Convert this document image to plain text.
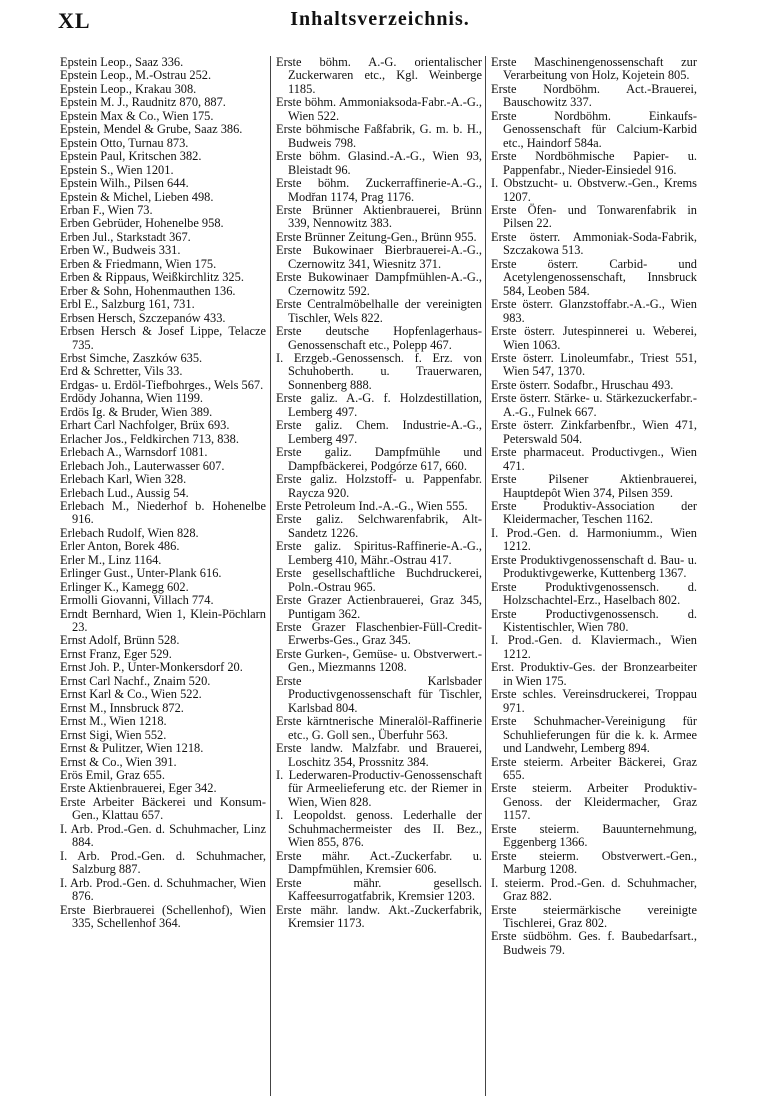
XL	Inhaltsverzeichnis.
Epstein Leop., Saaz 336.
Epstein Leop., M.-Ostrau 252.
Epstein Leop., Krakau 308.
Epstein M. J., Raudnitz 870, 887.
Epstein Max & Co., Wien 175.
Epstein, Mendel & Grube, Saaz 386.
Epstein Otto, Turnau 873.
Epstein Paul, Kritschen 382.
Epstein S., Wien 1201.
Epstein Wilh., Pilsen 644.
Epstein & Michel, Lieben 498.
Erban F., Wien 73.
Erben Gebrüder, Hohenelbe 958.
Erben Jul., Starkstadt 367.
Erben W., Budweis 331.
Erben & Friedmann, Wien 175.
Erben & Rippaus, Weißkirchlitz 325.
Erber & Sohn, Hohenmauthen 136.
Erbl E., Salzburg 161, 731.
Erbsen Hersch, Szczepanów 433.
Erbsen Hersch & Josef Lippe, Telacze 735.
Erbst Simche, Zaszków 635.
Erd & Schretter, Vils 33.
Erdgas- u. Erdöl-Tiefbohrges., Wels 567.
Erdödy Johanna, Wien 1199.
Erdös Ig. & Bruder, Wien 389.
Erhart Carl Nachfolger, Brüx 693.
Erlacher Jos., Feldkirchen 713, 838.
Erlebach A., Warnsdorf 1081.
Erlebach Joh., Lauterwasser 607.
Erlebach Karl, Wien 328.
Erlebach Lud., Aussig 54.
Erlebach M., Niederhof b. Hohenelbe 916.
Erlebach Rudolf, Wien 828.
Erler Anton, Borek 486.
Erler M., Linz 1164.
Erlinger Gust., Unter-Plank 616.
Erlinger K., Kamegg 602.
Ermolli Giovanni, Villach 774.
Erndt Bernhard, Wien 1, Klein-Pöchlarn 23.
Ernst Adolf, Brünn 528.
Ernst Franz, Eger 529.
Ernst Joh. P., Unter-Monkersdorf 20.
Ernst Carl Nachf., Znaim 520.
Ernst Karl & Co., Wien 522.
Ernst M., Innsbruck 872.
Ernst M., Wien 1218.
Ernst Sigi, Wien 552.
Ernst & Pulitzer, Wien 1218.
Ernst & Co., Wien 391.
Erös Emil, Graz 655.
Erste Aktienbrauerei, Eger 342.
Erste Arbeiter Bäckerei und Konsum-Gen., Klattau 657.
I. Arb. Prod.-Gen. d. Schuhmacher, Linz 884.
I. Arb. Prod.-Gen. d. Schuhmacher, Salzburg 887.
I. Arb. Prod.-Gen. d. Schuhmacher, Wien 876.
Erste Bierbrauerei (Schellenhof), Wien 335, Schellenhof 364.
Erste böhm. A.-G. orientalischer Zuckerwaren etc., Kgl. Weinberge 1185.
Erste böhm. Ammoniaksoda-Fabr.-A.-G., Wien 522.
Erste böhmische Faßfabrik, G. m. b. H., Budweis 798.
Erste böhm. Glasind.-A.-G., Wien 93, Bleistadt 96.
Erste böhm. Zuckerraffinerie-A.-G., Modřan 1174, Prag 1176.
Erste Brünner Aktienbrauerei, Brünn 339, Nennowitz 383.
Erste Brünner Zeitung-Gen., Brünn 955.
Erste Bukowinaer Bierbrauerei-A.-G., Czernowitz 341, Wiesnitz 371.
Erste Bukowinaer Dampfmühlen-A.-G., Czernowitz 592.
Erste Centralmöbelhalle der vereinigten Tischler, Wels 822.
Erste deutsche Hopfenlagerhaus-Genossenschaft etc., Polepp 467.
I. Erzgeb.-Genossensch. f. Erz. von Schuhoberth. u. Trauerwaren, Sonnenberg 888.
Erste galiz. A.-G. f. Holzdestillation, Lemberg 497.
Erste galiz. Chem. Industrie-A.-G., Lemberg 497.
Erste galiz. Dampfmühle und Dampfbäckerei, Podgórze 617, 660.
Erste galiz. Holzstoff- u. Pappenfabr. Raycza 920.
Erste Petroleum Ind.-A.-G., Wien 555.
Erste galiz. Selchwarenfabrik, Alt-Sandetz 1226.
Erste galiz. Spiritus-Raffinerie-A.-G., Lemberg 410, Mähr.-Ostrau 417.
Erste gesellschaftliche Buchdruckerei, Poln.-Ostrau 965.
Erste Grazer Actienbrauerei, Graz 345, Puntigam 362.
Erste Grazer Flaschenbier-Füll-Credit-Erwerbs-Ges., Graz 345.
Erste Gurken-, Gemüse- u. Obstverwert.-Gen., Miezmanns 1208.
Erste Karlsbader Productivgenossenschaft für Tischler, Karlsbad 804.
Erste kärntnerische Mineralöl-Raffinerie etc., G. Goll sen., Überfuhr 563.
Erste landw. Malzfabr. und Brauerei, Loschitz 354, Prossnitz 384.
I. Lederwaren-Productiv-Genossenschaft für Armeelieferung etc. der Riemer in Wien, Wien 828.
I. Leopoldst. genoss. Lederhalle der Schuhmachermeister des II. Bez., Wien 855, 876.
Erste mähr. Act.-Zuckerfabr. u. Dampfmühlen, Kremsier 606.
Erste mähr. gesellsch. Kaffeesurrogatfabrik, Kremsier 1203.
Erste mähr. landw. Akt.-Zuckerfabrik, Kremsier 1173.
Erste Maschinengenossenschaft zur Verarbeitung von Holz, Kojetein 805.
Erste Nordböhm. Act.-Brauerei, Bauschowitz 337.
Erste Nordböhm. Einkaufs-Genossenschaft für Calcium-Karbid etc., Haindorf 584a.
Erste Nordböhmische Papier- u. Pappenfabr., Nieder-Einsiedel 916.
I. Obstzucht- u. Obstverw.-Gen., Krems 1207.
Erste Öfen- und Tonwarenfabrik in Pilsen 22.
Erste österr. Ammoniak-Soda-Fabrik, Szczakowa 513.
Erste österr. Carbid- und Acetylengenossenschaft, Innsbruck 584, Leoben 584.
Erste österr. Glanzstoffabr.-A.-G., Wien 983.
Erste österr. Jutespinnerei u. Weberei, Wien 1063.
Erste österr. Linoleumfabr., Triest 551, Wien 547, 1370.
Erste österr. Sodafbr., Hruschau 493.
Erste österr. Stärke- u. Stärkezuckerfabr.-A.-G., Fulnek 667.
Erste österr. Zinkfarbenfbr., Wien 471, Peterswald 504.
Erste pharmaceut. Productivgen., Wien 471.
Erste Pilsener Aktienbrauerei, Hauptdepôt Wien 374, Pilsen 359.
Erste Produktiv-Association der Kleidermacher, Teschen 1162.
I. Prod.-Gen. d. Harmoniumm., Wien 1212.
Erste Produktivgenossenschaft d. Bau- u. Produktivgewerke, Kuttenberg 1367.
Erste Produktivgenossensch. d. Holzschachtel-Erz., Haselbach 802.
Erste Productivgenossensch. d. Kistentischler, Wien 780.
I. Prod.-Gen. d. Klaviermach., Wien 1212.
Erst. Produktiv-Ges. der Bronzearbeiter in Wien 175.
Erste schles. Vereinsdruckerei, Troppau 971.
Erste Schuhmacher-Vereinigung für Schuhlieferungen für die k. k. Armee und Landwehr, Lemberg 894.
Erste steierm. Arbeiter Bäckerei, Graz 655.
Erste steierm. Arbeiter Produktiv-Genoss. der Kleidermacher, Graz 1157.
Erste steierm. Bauunternehmung, Eggenberg 1366.
Erste steierm. Obstverwert.-Gen., Marburg 1208.
I. steierm. Prod.-Gen. d. Schuhmacher, Graz 882.
Erste steiermärkische vereinigte Tischlerei, Graz 802.
Erste südböhm. Ges. f. Baubedarfsart., Budweis 79.
